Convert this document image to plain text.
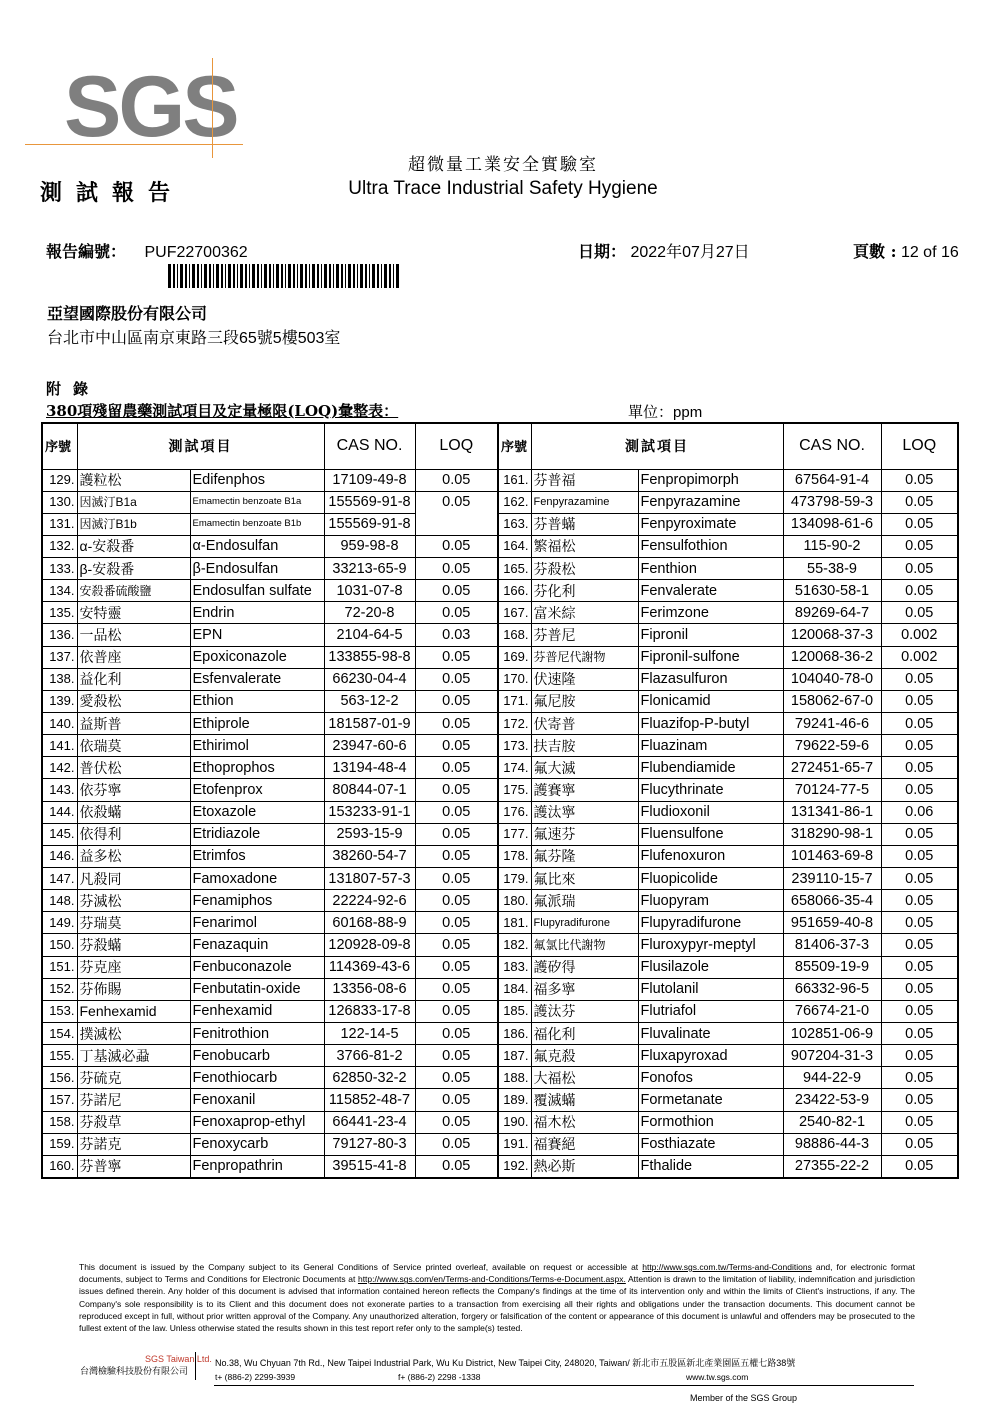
SGS
測試報告
超微量工業安全實驗室
Ultra Trace Industrial Safety Hygiene
報告編號： PUF22700362	日期： 2022年07月27日	頁數 : 12 of 16
亞望國際股份有限公司
台北市中山區南京東路三段65號5樓503室
附錄
380項殘留農藥測試項目及定量極限(LOQ)彙整表：	單位：ppm
序號	測試項目		CAS NO.	LOQ
129.	護粒松	Edifenphos	17109-49-8	0.05
130.	因滅汀B1a	Emamectin benzoate B1a	155569-91-8	0.05
131.	因滅汀B1b	Emamectin benzoate B1b	155569-91-8	
132.	α-安殺番	α-Endosulfan	959-98-8	0.05
133.	β-安殺番	β-Endosulfan	33213-65-9	0.05
134.	安殺番硫酸鹽	Endosulfan sulfate	1031-07-8	0.05
135.	安特靈	Endrin	72-20-8	0.05
136.	一品松	EPN	2104-64-5	0.03
137.	依普座	Epoxiconazole	133855-98-8	0.05
138.	益化利	Esfenvalerate	66230-04-4	0.05
139.	愛殺松	Ethion	563-12-2	0.05
140.	益斯普	Ethiprole	181587-01-9	0.05
141.	依瑞莫	Ethirimol	23947-60-6	0.05
142.	普伏松	Ethoprophos	13194-48-4	0.05
143.	依芬寧	Etofenprox	80844-07-1	0.05
144.	依殺蟎	Etoxazole	153233-91-1	0.05
145.	依得利	Etridiazole	2593-15-9	0.05
146.	益多松	Etrimfos	38260-54-7	0.05
147.	凡殺同	Famoxadone	131807-57-3	0.05
148.	芬滅松	Fenamiphos	22224-92-6	0.05
149.	芬瑞莫	Fenarimol	60168-88-9	0.05
150.	芬殺蟎	Fenazaquin	120928-09-8	0.05
151.	芬克座	Fenbuconazole	114369-43-6	0.05
152.	芬佈賜	Fenbutatin-oxide	13356-08-6	0.05
153.	Fenhexamid	Fenhexamid	126833-17-8	0.05
154.	撲滅松	Fenitrothion	122-14-5	0.05
155.	丁基滅必蝨	Fenobucarb	3766-81-2	0.05
156.	芬硫克	Fenothiocarb	62850-32-2	0.05
157.	芬諾尼	Fenoxanil	115852-48-7	0.05
158.	芬殺草	Fenoxaprop-ethyl	66441-23-4	0.05
159.	芬諾克	Fenoxycarb	79127-80-3	0.05
160.	芬普寧	Fenpropathrin	39515-41-8	0.05
序號	測試項目		CAS NO.	LOQ
161.	芬普福	Fenpropimorph	67564-91-4	0.05
162.	Fenpyrazamine	Fenpyrazamine	473798-59-3	0.05
163.	芬普蟎	Fenpyroximate	134098-61-6	0.05
164.	繁福松	Fensulfothion	115-90-2	0.05
165.	芬殺松	Fenthion	55-38-9	0.05
166.	芬化利	Fenvalerate	51630-58-1	0.05
167.	富米綜	Ferimzone	89269-64-7	0.05
168.	芬普尼	Fipronil	120068-37-3	0.002
169.	芬普尼代謝物	Fipronil-sulfone	120068-36-2	0.002
170.	伏速隆	Flazasulfuron	104040-78-0	0.05
171.	氟尼胺	Flonicamid	158062-67-0	0.05
172.	伏寄普	Fluazifop-P-butyl	79241-46-6	0.05
173.	扶吉胺	Fluazinam	79622-59-6	0.05
174.	氟大滅	Flubendiamide	272451-65-7	0.05
175.	護賽寧	Flucythrinate	70124-77-5	0.05
176.	護汰寧	Fludioxonil	131341-86-1	0.06
177.	氟速芬	Fluensulfone	318290-98-1	0.05
178.	氟芬隆	Flufenoxuron	101463-69-8	0.05
179.	氟比來	Fluopicolide	239110-15-7	0.05
180.	氟派瑞	Fluopyram	658066-35-4	0.05
181.	Flupyradifurone	Flupyradifurone	951659-40-8	0.05
182.	氟氯比代謝物	Fluroxypyr-meptyl	81406-37-3	0.05
183.	護矽得	Flusilazole	85509-19-9	0.05
184.	福多寧	Flutolanil	66332-96-5	0.05
185.	護汰芬	Flutriafol	76674-21-0	0.05
186.	福化利	Fluvalinate	102851-06-9	0.05
187.	氟克殺	Fluxapyroxad	907204-31-3	0.05
188.	大福松	Fonofos	944-22-9	0.05
189.	覆滅蟎	Formetanate	23422-53-9	0.05
190.	福木松	Formothion	2540-82-1	0.05
191.	福賽絕	Fosthiazate	98886-44-3	0.05
192.	熱必斯	Fthalide	27355-22-2	0.05
This document is issued by the Company subject to its General Conditions of Service printed overleaf, available on request or accessible at http://www.sgs.com.tw/Terms-and-Conditions and, for electronic format documents, subject to Terms and Conditions for Electronic Documents at http://www.sgs.com/en/Terms-and-Conditions/Terms-e-Document.aspx. Attention is drawn to the limitation of liability, indemnification and jurisdiction issues defined therein. Any holder of this document is advised that information contained hereon reflects the Company's findings at the time of its intervention only and within the limits of Client's instructions, if any. The Company's sole responsibility is to its Client and this document does not exonerate parties to a transaction from exercising all their rights and obligations under the transaction documents. This document cannot be reproduced except in full, without prior written approval of the Company. Any unauthorized alteration, forgery or falsification of the content or appearance of this document is unlawful and offenders may be prosecuted to the fullest extent of the law. Unless otherwise stated the results shown in this test report refer only to the sample(s) tested.
SGS Taiwan Ltd.
台灣檢驗科技股份有限公司
No.38, Wu Chyuan 7th Rd., New Taipei Industrial Park, Wu Ku District, New Taipei City, 248020, Taiwan/ 新北市五股區新北產業園區五權七路38號
t+ (886-2) 2299-3939	f+ (886-2) 2298 -1338	www.tw.sgs.com
Member of the SGS Group
